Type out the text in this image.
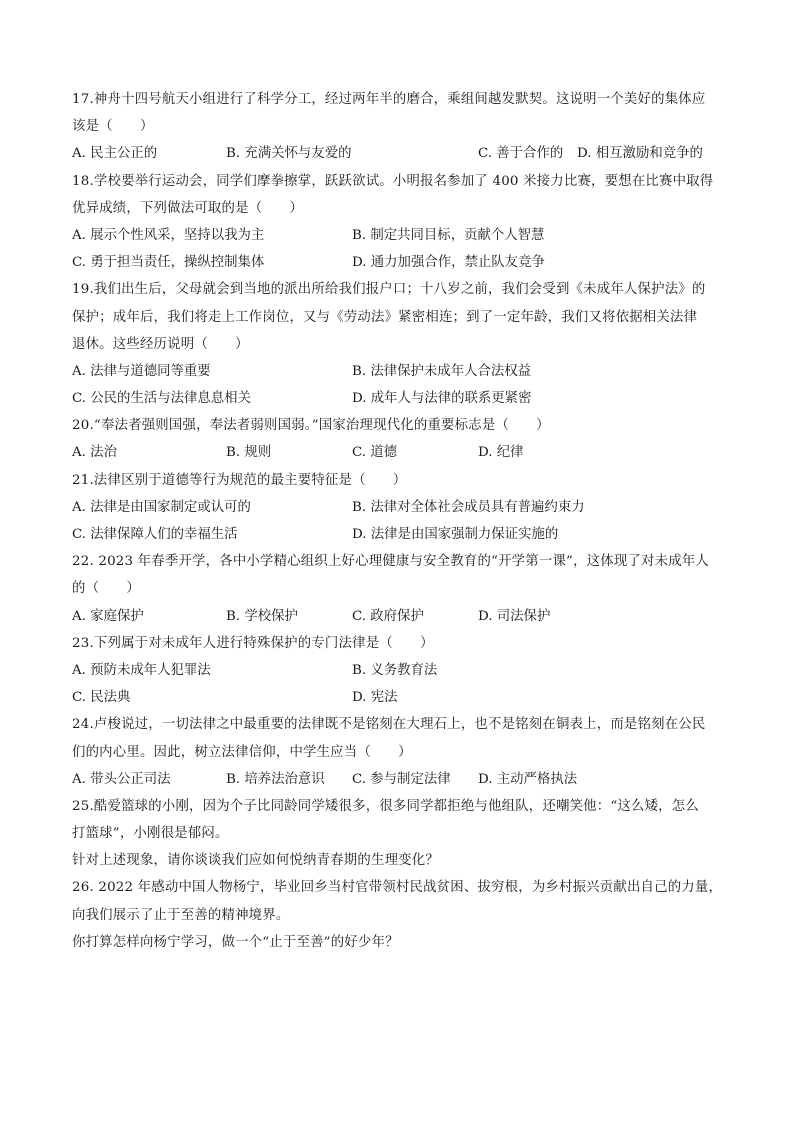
17.神舟十四号航天小组进行了科学分工，经过两年半的磨合，乘组间越发默契。这说明一个美好的集体应
该是（　　）
A. 民主公正的	B. 充满关怀与友爱的	C. 善于合作的 D. 相互激励和竞争的
18.学校要举行运动会，同学们摩拳擦掌，跃跃欲试。小明报名参加了 400 米接力比赛，要想在比赛中取得
优异成绩，下列做法可取的是（　　）
A. 展示个性风采，坚持以我为主	B. 制定共同目标，贡献个人智慧
C. 勇于担当责任，操纵控制集体	D. 通力加强合作，禁止队友竞争
19.我们出生后，父母就会到当地的派出所给我们报户口；十八岁之前，我们会受到《未成年人保护法》的
保护；成年后，我们将走上工作岗位，又与《劳动法》紧密相连；到了一定年龄，我们又将依据相关法律
退休。这些经历说明（　　）
A. 法律与道德同等重要	B. 法律保护未成年人合法权益
C. 公民的生活与法律息息相关	D. 成年人与法律的联系更紧密
20.“奉法者强则国强，奉法者弱则国弱。”国家治理现代化的重要标志是（　　）
A. 法治	B. 规则	C. 道德	D. 纪律
21.法律区别于道德等行为规范的最主要特征是（　　）
A. 法律是由国家制定或认可的	B. 法律对全体社会成员具有普遍约束力
C. 法律保障人们的幸福生活	D. 法律是由国家强制力保证实施的
22. 2023 年春季开学，各中小学精心组织上好心理健康与安全教育的“开学第一课”，这体现了对未成年人
的（　　）
A. 家庭保护	B. 学校保护	C. 政府保护	D. 司法保护
23.下列属于对未成年人进行特殊保护的专门法律是（　　）
A. 预防未成年人犯罪法	B. 义务教育法
C. 民法典	D. 宪法
24.卢梭说过，一切法律之中最重要的法律既不是铭刻在大理石上，也不是铭刻在铜表上，而是铭刻在公民
们的内心里。因此，树立法律信仰，中学生应当（　　）
A. 带头公正司法	B. 培养法治意识 C. 参与制定法律 D. 主动严格执法
25.酷爱篮球的小刚，因为个子比同龄同学矮很多，很多同学都拒绝与他组队，还嘲笑他：“这么矮，怎么
打篮球”，小刚很是郁闷。
针对上述现象，请你谈谈我们应如何悦纳青春期的生理变化？
26. 2022 年感动中国人物杨宁，毕业回乡当村官带领村民战贫困、拔穷根，为乡村振兴贡献出自己的力量，
向我们展示了止于至善的精神境界。
你打算怎样向杨宁学习，做一个“止于至善”的好少年？
